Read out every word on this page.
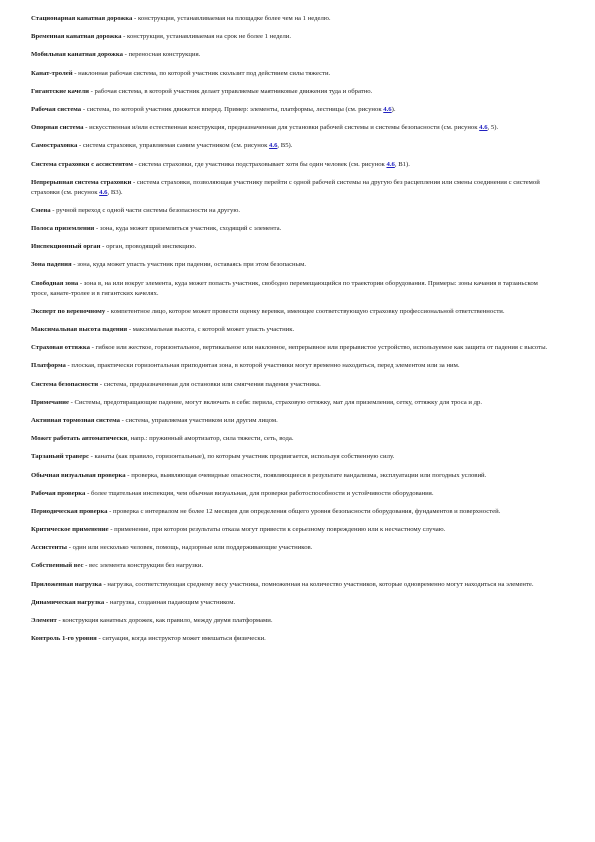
Стационарная канатная дорожка - конструкция, устанавливаемая на площадке более чем на 1 неделю.

Временная канатная дорожка - конструкция, устанавливаемая на срок не более 1 недели.

Мобильная канатная дорожка - переносная конструкция.

Канат-тролей - наклонная рабочая система, по которой участник скользит под действием силы тяжести.

Гигантские качели - рабочая система, в которой участник делает управляемые маятниковые движения туда и обратно.

Рабочая система - система, по которой участник движется вперед. Пример: элементы, платформы, лестницы (см. рисунок 4.6).

Опорная система - искусственная и/или естественная конструкция, предназначенная для установки рабочей системы и системы безопасности (см. рисунок 4.6, 5).

Самостраховка - система страховки, управляемая самим участником (см. рисунок 4.6, В5).

Система страховки с ассистентом - система страховки, где участника подстраховывает хотя бы один человек (см. рисунок 4.6, В1).

Непрерывная система страховки - система страховки, позволяющая участнику перейти с одной рабочей системы на другую без расцепления или смены соединения с системой страховки (см. рисунок 4.6, В3).

Смена - ручной переход с одной части системы безопасности на другую.

Полоса приземления - зона, куда может приземлиться участник, сходящий с элемента.

Инспекционный орган - орган, проводящий инспекцию.

Зона падения - зона, куда может упасть участник при падении, оставаясь при этом безопасным.

Свободная зона - зона в, на или вокруг элемента, куда может попасть участник, свободно перемещающийся по траектории оборудования. Примеры: зоны качания в тарзаньском тросе, канате-тролее и в гигантских качелях.

Эксперт по веревочному - компетентное лицо, которое может провести оценку веревки, имеющее соответствующую страховку профессиональной ответственности.

Максимальная высота падения - максимальная высота, с которой может упасть участник.

Страховая оттяжка - гибкое или жесткое, горизонтальное, вертикальное или наклонное, непрерывное или прерывистое устройство, используемое как защита от падения с высоты.

Платформа - плоская, практически горизонтальная приподнятая зона, в которой участники могут временно находиться, перед элементом или за ним.

Система безопасности - система, предназначенная для остановки или смягчения падения участника.

Примечание - Системы, предотвращающие падение, могут включать в себя: перила, страховую оттяжку, мат для приземления, сетку, оттяжку для троса и др.

Активная тормозная система - система, управляемая участником или другим лицом.

Может работать автоматически, напр.: пружинный амортизатор, сила тяжести, сеть, вода.

Тарзаньий траверс - канаты (как правило, горизонтальные), по которым участник продвигается, используя собственную силу.

Обычная визуальная проверка - проверка, выявляющая очевидные опасности, появляющиеся в результате вандализма, эксплуатации или погодных условий.

Рабочая проверка - более тщательная инспекция, чем обычная визуальная, для проверки работоспособности и устойчивости оборудования.

Периодическая проверка - проверка с интервалом не более 12 месяцев для определения общего уровня безопасности оборудования, фундаментов и поверхностей.

Критическое применение - применение, при котором результаты отказа могут привести к серьезному повреждению или к несчастному случаю.

Ассистенты - один или несколько человек, помощь, надзорные или поддерживающие участников.

Собственный вес - вес элемента конструкции без нагрузки.

Приложенная нагрузка - нагрузка, соответствующая среднему весу участника, помноженная на количество участников, которые одновременно могут находиться на элементе.

Динамическая нагрузка - нагрузка, созданная падающим участником.

Элемент - конструкция канатных дорожек, как правило, между двумя платформами.

Контроль 1-го уровня - ситуация, когда инструктор может вмешаться физически.
